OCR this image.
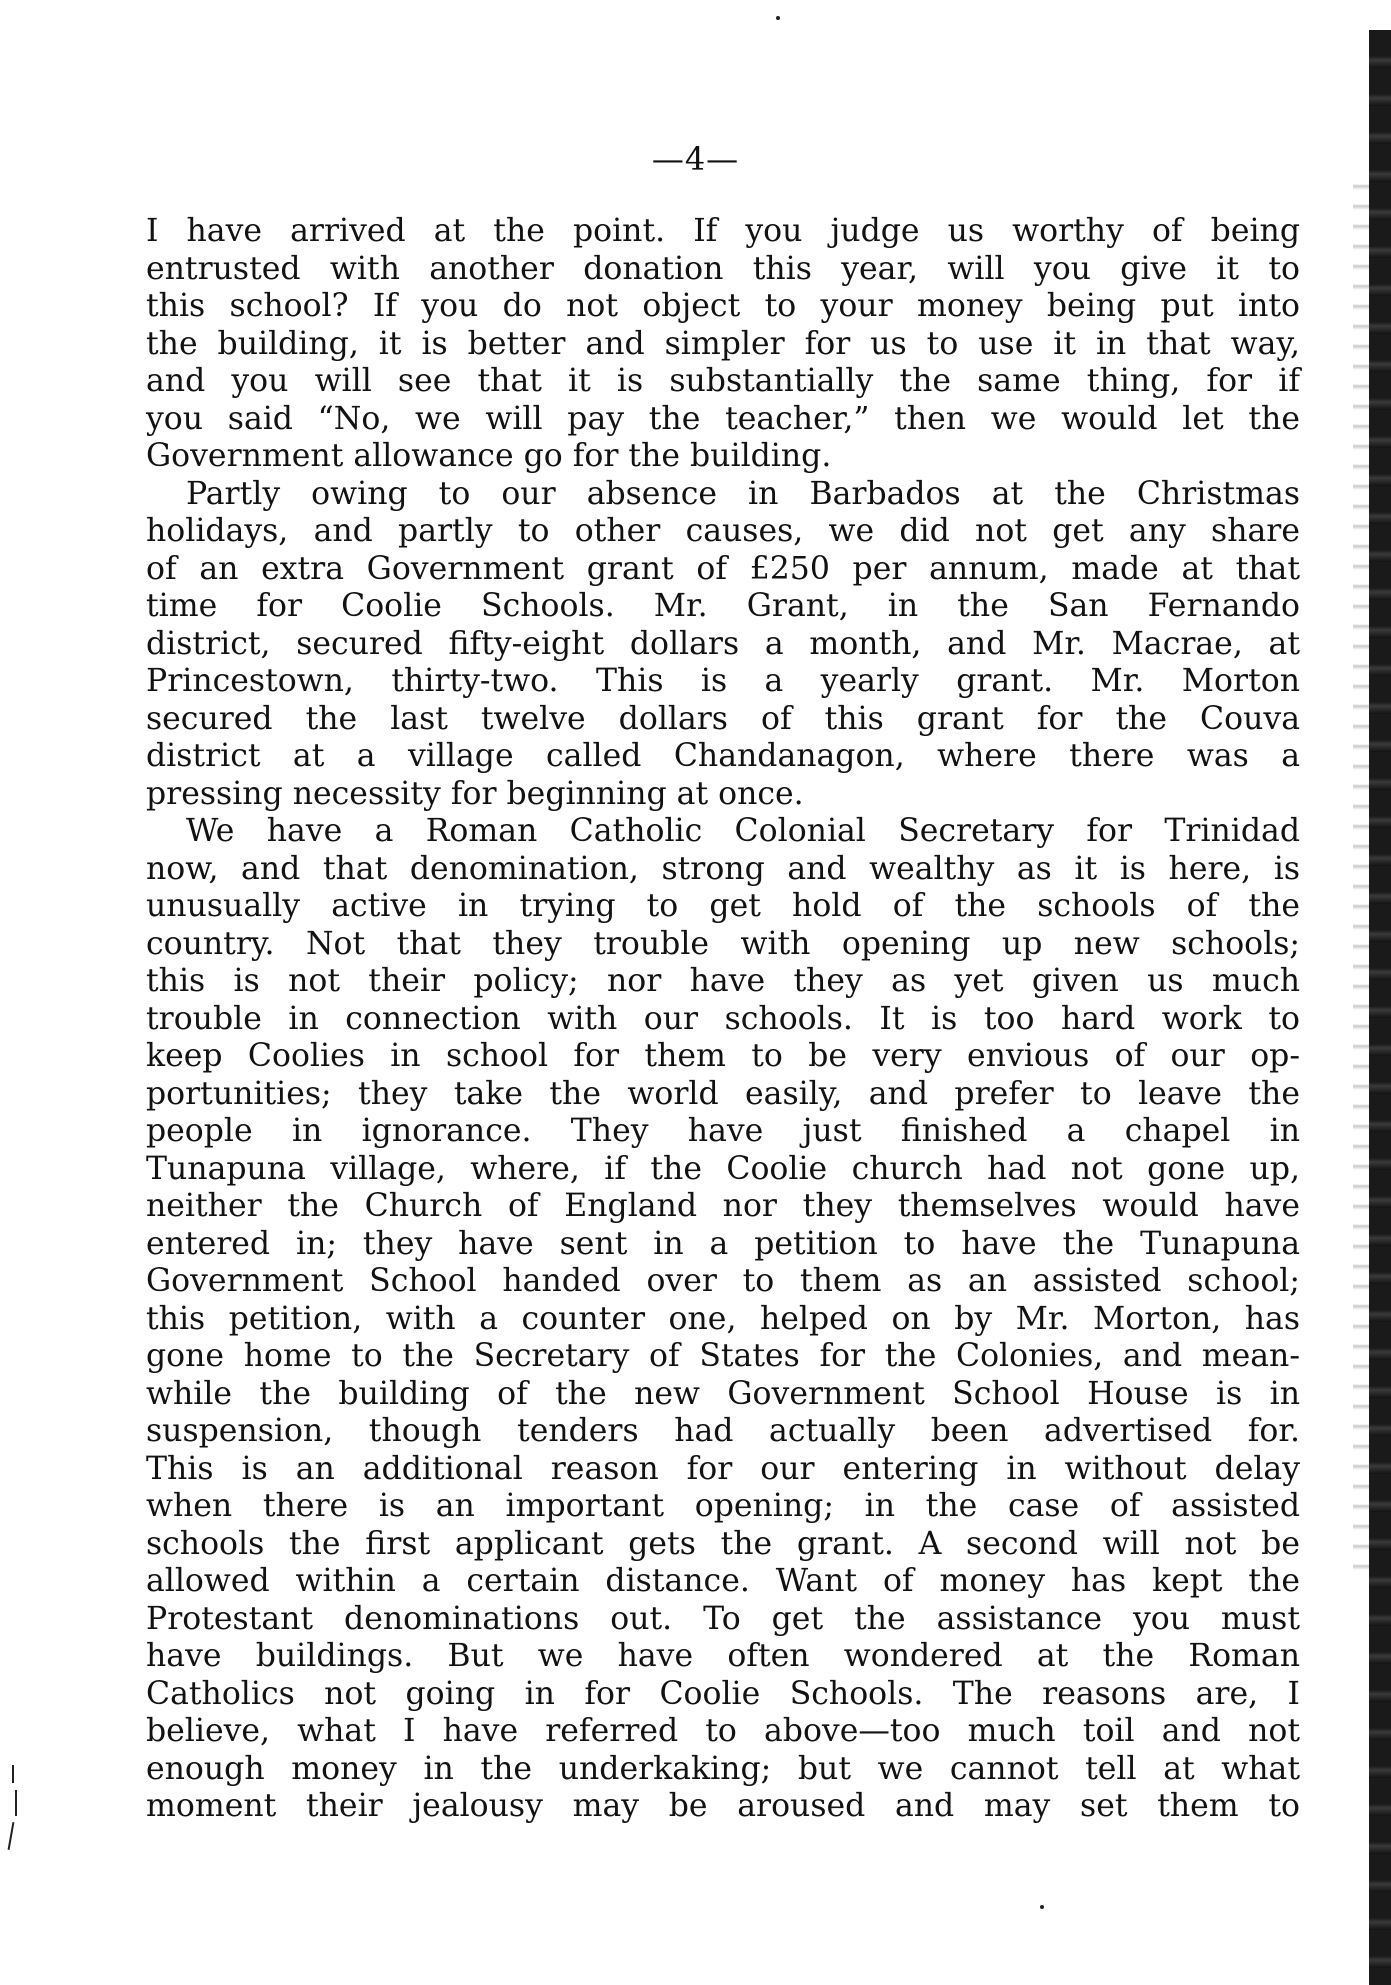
—4—
I have arrived at the point. If you judge us worthy of being
entrusted with another donation this year, will you give it to
this school? If you do not object to your money being put into
the building, it is better and simpler for us to use it in that way,
and you will see that it is substantially the same thing, for if
you said “No, we will pay the teacher,” then we would let the
Government allowance go for the building.
Partly owing to our absence in Barbados at the Christmas
holidays, and partly to other causes, we did not get any share
of an extra Government grant of £250 per annum, made at that
time for Coolie Schools. Mr. Grant, in the San Fernando
district, secured fifty-eight dollars a month, and Mr. Macrae, at
Princestown, thirty-two. This is a yearly grant. Mr. Morton
secured the last twelve dollars of this grant for the Couva
district at a village called Chandanagon, where there was a
pressing necessity for beginning at once.
We have a Roman Catholic Colonial Secretary for Trinidad
now, and that denomination, strong and wealthy as it is here, is
unusually active in trying to get hold of the schools of the
country. Not that they trouble with opening up new schools;
this is not their policy; nor have they as yet given us much
trouble in connection with our schools. It is too hard work to
keep Coolies in school for them to be very envious of our op-
portunities; they take the world easily, and prefer to leave the
people in ignorance. They have just finished a chapel in
Tunapuna village, where, if the Coolie church had not gone up,
neither the Church of England nor they themselves would have
entered in; they have sent in a petition to have the Tunapuna
Government School handed over to them as an assisted school;
this petition, with a counter one, helped on by Mr. Morton, has
gone home to the Secretary of States for the Colonies, and mean-
while the building of the new Government School House is in
suspension, though tenders had actually been advertised for.
This is an additional reason for our entering in without delay
when there is an important opening; in the case of assisted
schools the first applicant gets the grant. A second will not be
allowed within a certain distance. Want of money has kept the
Protestant denominations out. To get the assistance you must
have buildings. But we have often wondered at the Roman
Catholics not going in for Coolie Schools. The reasons are, I
believe, what I have referred to above—too much toil and not
enough money in the underkaking; but we cannot tell at what
moment their jealousy may be aroused and may set them to
